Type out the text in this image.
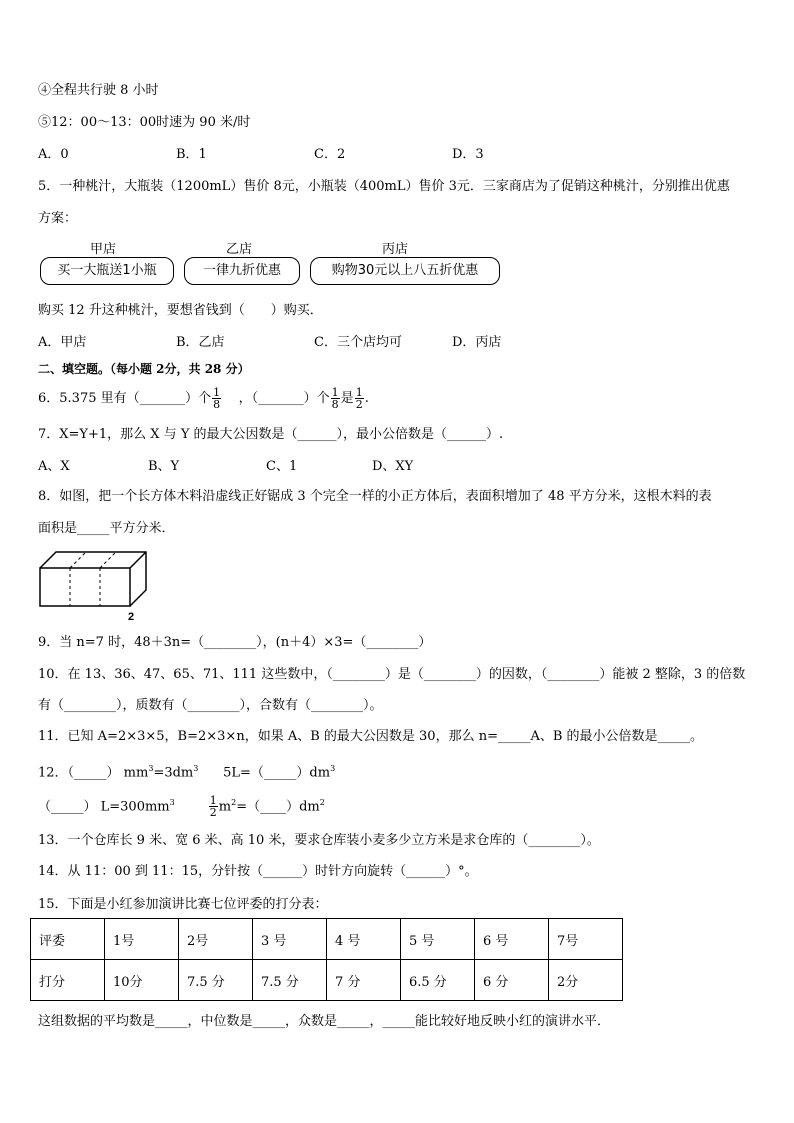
④全程共行驶 8 小时
⑤12：00～13：00时速为 90 米/时
A．0	B．1	C．2	D．3
5．一种桃汁，大瓶装（1200mL）售价 8元，小瓶装（400mL）售价 3元．三家商店为了促销这种桃汁，分别推出优惠
方案：
甲店	乙店	丙店
买一大瓶送1小瓶	一律九折优惠	购物30元以上八五折优惠
购买 12 升这种桃汁，要想省钱到（　　）购买．
A．甲店	B．乙店	C．三个店均可	D．丙店
二、填空题。（每小题 2分，共 28 分）
6．5.375 里有（_______）个 $\frac{1}{8}$ ，（_______）个 $\frac{1}{8}$ 是 $\frac{1}{2}$ .
7．X=Y+1，那么 X 与 Y 的最大公因数是（______），最小公倍数是（______）.
A、X	B、Y	C、1	D、XY
8．如图，把一个长方体木料沿虚线正好锯成 3 个完全一样的小正方体后，表面积增加了 48 平方分米，这根木料的表
面积是_____平方分米．
2
9．当 n=7 时，48＋3n=（________），(n＋4）×3=（________）
10．在 13、36、47、65、71、111 这些数中，（________）是（________）的因数，（________）能被 2 整除，3 的倍数
有（________），质数有（________），合数有（________）。
11．已知 A=2×3×5，B=2×3×n，如果 A、B 的最大公因数是 30，那么 n=_____A、B 的最小公倍数是_____。
12．（_____） $mm^3=3dm^3$ $5L=(\_\_\_\_\_)dm^3$
（_____） $L=300mm^3$	$\frac{1}{2}$ $m^2=(\_\_\_\_)dm^2$
13．一个仓库长 9 米、宽 6 米、高 10 米，要求仓库装小麦多少立方米是求仓库的（________）。
14．从 11：00 到 11：15，分针按（______）时针方向旋转（______）°。
15．下面是小红参加演讲比赛七位评委的打分表：
评委	1号	2号	3 号	4 号	5 号	6 号	7号
打分	10分	7.5 分	7.5 分	7 分	6.5 分	6 分	2分
这组数据的平均数是_____，中位数是_____，众数是_____，_____能比较好地反映小红的演讲水平．
